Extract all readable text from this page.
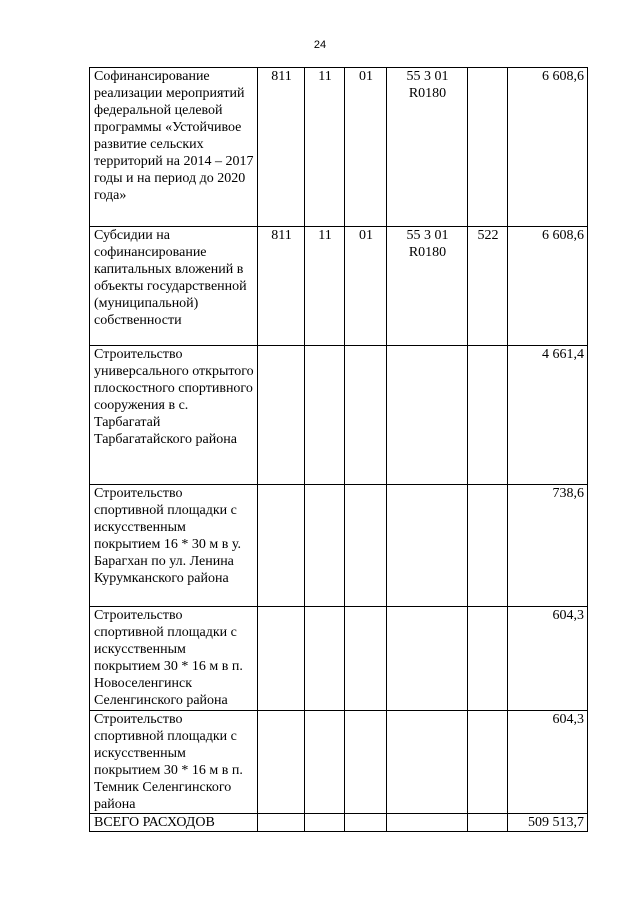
24
Софинансирование реализации мероприятий федеральной целевой программы «Устойчивое развитие сельских территорий на 2014 – 2017 годы и на период до 2020 года»	811	11	01	55 3 01 R0180		6 608,6
Субсидии на софинансирование капитальных вложений в объекты государственной (муниципальной) собственности	811	11	01	55 3 01 R0180	522	6 608,6
Строительство универсального открытого плоскостного спортивного сооружения в с. Тарбагатай Тарбагатайского района						4 661,4
Строительство спортивной площадки с искусственным покрытием 16 * 30 м в у. Барагхан по ул. Ленина Курумканского района						738,6
Строительство спортивной площадки с искусственным покрытием 30 * 16 м в п. Новоселенгинск Селенгинского района						604,3
Строительство спортивной площадки с искусственным покрытием 30 * 16 м в п. Темник Селенгинского района						604,3
ВСЕГО РАСХОДОВ						509 513,7
